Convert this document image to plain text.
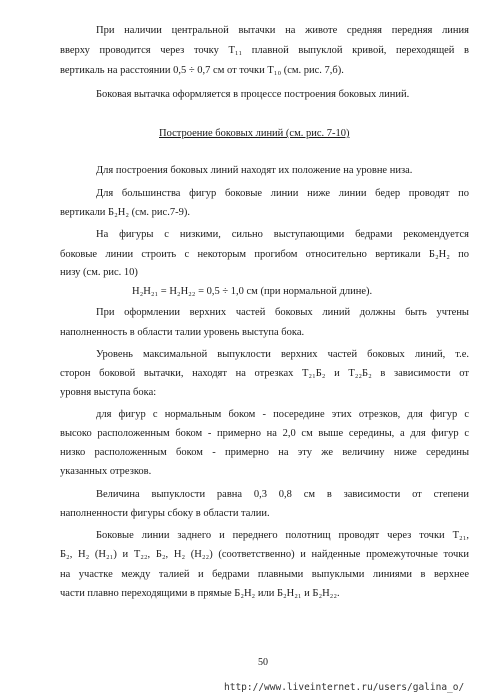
При наличии центральной вытачки на животе средняя передняя линия
вверху проводится через точку Т₁₁ плавной выпуклой кривой, переходящей в
вертикаль на расстоянии 0,5 ÷ 0,7 см от точки Т₁₀ (см. рис. 7,б).
Боковая вытачка оформляется в процессе построения боковых линий.
Построение боковых линий (см. рис. 7-10)
Для построения боковых линий находят их положение на уровне низа.
Для большинства фигур боковые линии ниже линии бедер проводят по
вертикали Б₂Н₂ (см. рис.7-9).
На фигуры с низкими, сильно выступающими бедрами рекомендуется
боковые линии строить с некоторым прогибом относительно вертикали Б₂Н₂ по
низу (см. рис. 10)
Н₂Н₂₁ = Н₂Н₂₂ = 0,5 ÷ 1,0 см (при нормальной длине).
При оформлении верхних частей боковых линий должны быть учтены
наполненность в области талии уровень выступа бока.
Уровень максимальной выпуклости верхних частей боковых линий, т.е.
сторон боковой вытачки, находят на отрезках Т₂₁Б₂ и Т₂₂Б₂ в зависимости от
уровня выступа бока:
для фигур с нормальным боком - посередине этих отрезков, для фигур с
высоко расположенным боком - примерно на 2,0 см выше середины, а для фигур с
низко расположенным боком - примерно на эту же величину ниже середины
указанных отрезков.
Величина выпуклости равна 0,3 0,8 см в зависимости от степени
наполненности фигуры сбоку в области талии.
Боковые линии заднего и переднего полотнищ проводят через точки Т₂₁,
Б₂, Н₂ (Н₂₁) и Т₂₂, Б₂, Н₂ (Н₂₂) (соответственно) и найденные промежуточные точки
на участке между талией и бедрами плавными выпуклыми линиями в верхнее
части плавно переходящими в прямые Б₂Н₂ или Б₂Н₂₁ и Б₂Н₂₂.
50
http://www.liveinternet.ru/users/galina_o/
